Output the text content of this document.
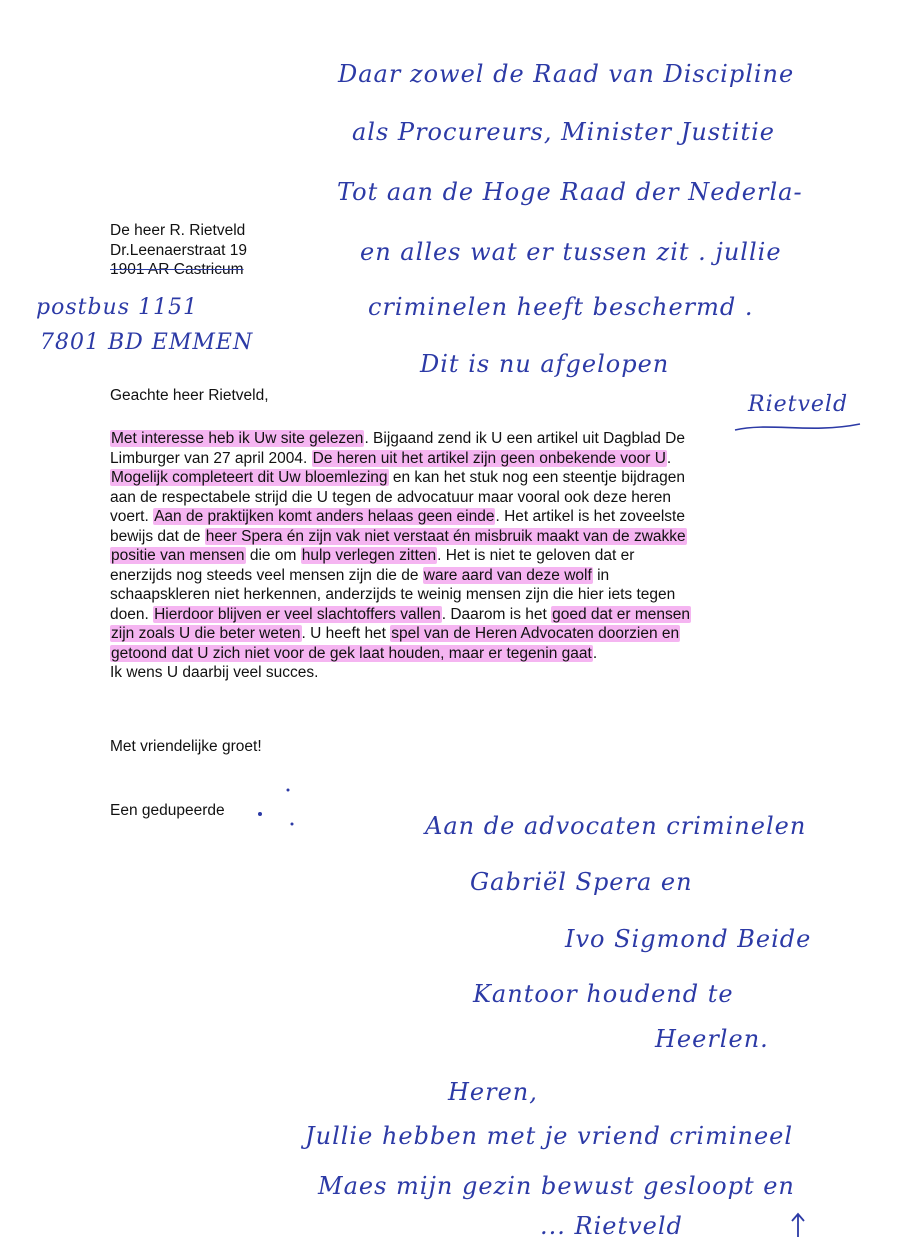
Daar zowel de Raad van Discipline
als Procureurs, Minister Justitie
Tot aan de Hoge Raad der Nederla-
en alles wat er tussen zit . jullie
criminelen heeft beschermd .
Dit is nu afgelopen
Rietveld
De heer R. Rietveld
Dr.Leenaerstraat 19
1901 AR Castricum
postbus 1151
7801 BD EMMEN
Geachte heer Rietveld,
Met interesse heb ik Uw site gelezen. Bijgaand zend ik U een artikel uit Dagblad De
Limburger van 27 april 2004. De heren uit het artikel zijn geen onbekende voor U.
Mogelijk completeert dit Uw bloemlezing en kan het stuk nog een steentje bijdragen
aan de respectabele strijd die U tegen de advocatuur maar vooral ook deze heren
voert. Aan de praktijken komt anders helaas geen einde. Het artikel is het zoveelste
bewijs dat de heer Spera én zijn vak niet verstaat én misbruik maakt van de zwakke
positie van mensen die om hulp verlegen zitten. Het is niet te geloven dat er
enerzijds nog steeds veel mensen zijn die de ware aard van deze wolf in
schaapskleren niet herkennen, anderzijds te weinig mensen zijn die hier iets tegen
doen. Hierdoor blijven er veel slachtoffers vallen. Daarom is het goed dat er mensen
zijn zoals U die beter weten. U heeft het spel van de Heren Advocaten doorzien en
getoond dat U zich niet voor de gek laat houden, maar er tegenin gaat.
Ik wens U daarbij veel succes.
Met vriendelijke groet!
Een gedupeerde
Aan de advocaten criminelen
Gabriël Spera en
Ivo Sigmond Beide
Kantoor houdend te
Heerlen.
Heren,
Jullie hebben met je vriend crimineel
Maes mijn gezin bewust gesloopt en
... Rietveld
